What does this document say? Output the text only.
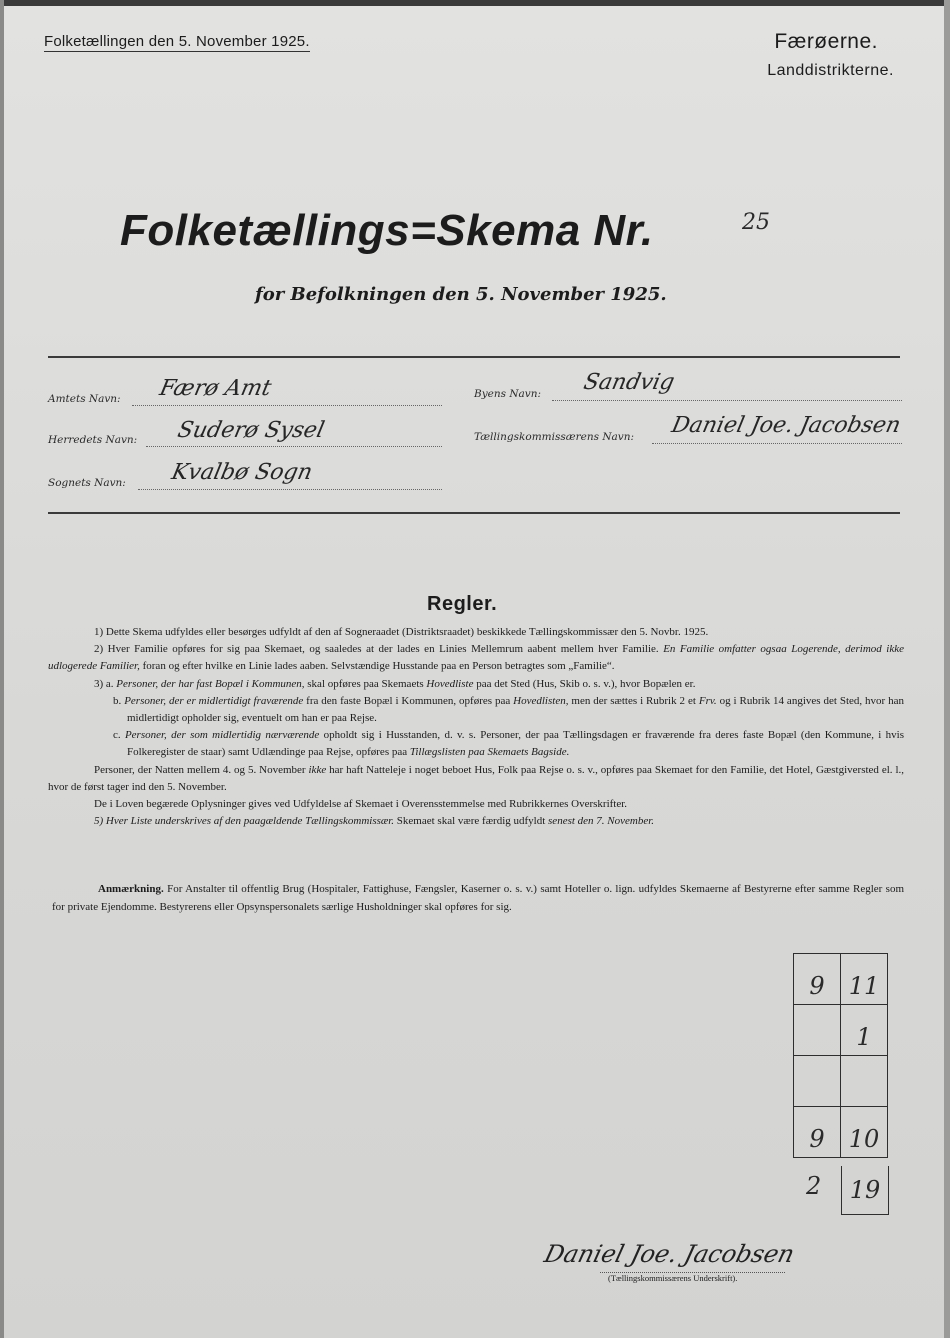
Folketællingen den 5. November 1925.	Færøerne.
Landdistrikterne.
Folketællings=Skema Nr.	25
for Befolkningen den 5. November 1925.
Amtets Navn: Færø Amt
Herredets Navn: Suderø Sysel
Sognets Navn: Kvalbø Sogn
Byens Navn: Sandvig
Tællingskommissærens Navn: Daniel Joe. Jacobsen
Regler.

1) Dette Skema udfyldes eller besørges udfyldt af den af Sogneraadet (Distriktsraadet) beskikkede Tællingskommissær den 5. Novbr. 1925.

2) Hver Familie opføres for sig paa Skemaet, og saaledes at der lades en Linies Mellemrum aabent mellem hver Familie. En Familie omfatter ogsaa Logerende, derimod ikke udlogerede Familier, foran og efter hvilke en Linie lades aaben. Selvstændige Husstande paa en Person betragtes som „Familie“.

3) a. Personer, der har fast Bopæl i Kommunen, skal opføres paa Skemaets Hovedliste paa det Sted (Hus, Skib o. s. v.), hvor Bopælen er.

b. Personer, der er midlertidigt fraværende fra den faste Bopæl i Kommunen, opføres paa Hovedlisten, men der sættes i Rubrik 2 et Frv. og i Rubrik 14 angives det Sted, hvor han midlertidigt opholder sig, eventuelt om han er paa Rejse.

c. Personer, der som midlertidig nærværende opholdt sig i Husstanden, d. v. s. Personer, der paa Tællingsdagen er fraværende fra deres faste Bopæl (den Kommune, i hvis Folkeregister de staar) samt Udlændinge paa Rejse, opføres paa Tillægslisten paa Skemaets Bagside.

Personer, der Natten mellem 4. og 5. November ikke har haft Natteleje i noget beboet Hus, Folk paa Rejse o. s. v., opføres paa Skemaet for den Familie, det Hotel, Gæstgiversted el. l., hvor de først tager ind den 5. November.

De i Loven begærede Oplysninger gives ved Udfyldelse af Skemaet i Overensstemmelse med Rubrikkernes Overskrifter.

5) Hver Liste underskrives af den paagældende Tællingskommissær. Skemaet skal være færdig udfyldt senest den 7. November.

Anmærkning. For Anstalter til offentlig Brug (Hospitaler, Fattighuse, Fængsler, Kaserner o. s. v.) samt Hoteller o. lign. udfyldes Skemaerne af Bestyrerne efter samme Regler som for private Ejendomme. Bestyrerens eller Opsynspersonalets særlige Husholdninger skal opføres for sig.
9	11
	1

9	10
2	19
Daniel Joe. Jacobsen
(Tællingskommissærens Underskrift).
